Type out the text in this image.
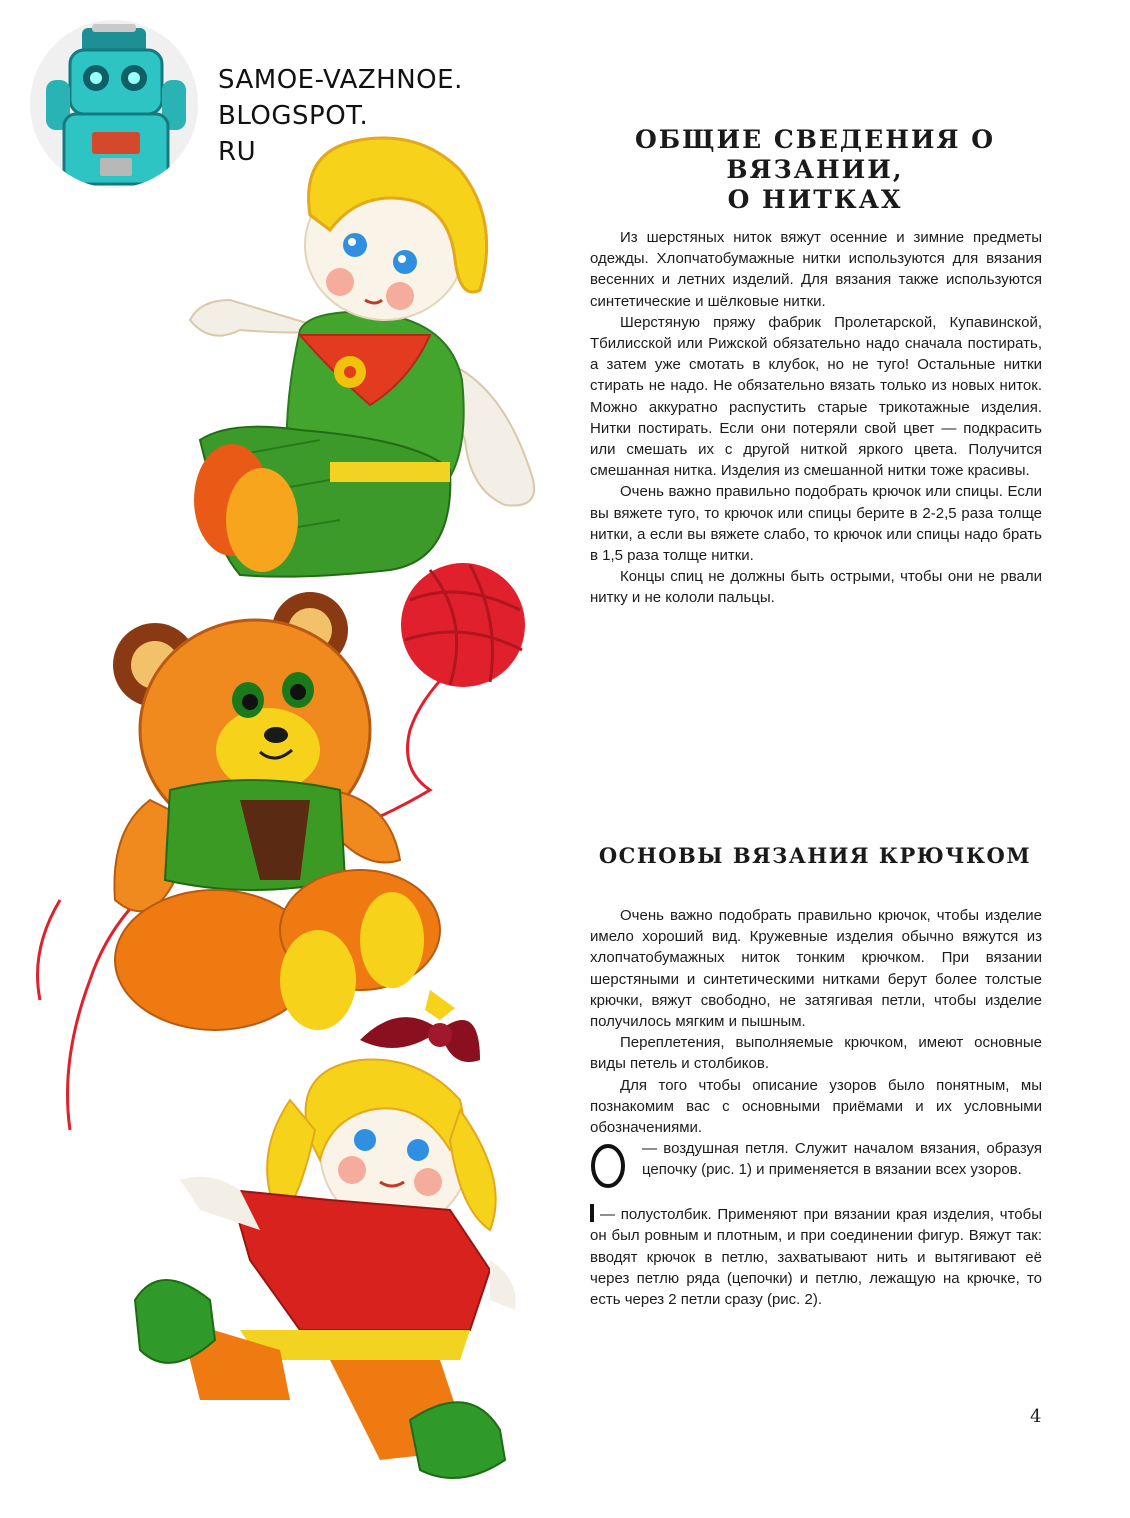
SAMOE-VAZHNOE.
BLOGSPOT.
RU	ОБЩИЕ СВЕДЕНИЯ О ВЯЗАНИИ,
О НИТКАХ

Из шерстяных ниток вяжут осенние и зимние предметы одежды. Хлопчатобумажные нитки используются для вязания весенних и летних изделий. Для вязания также используются синтетические и шёлковые нитки.

Шерстяную пряжу фабрик Пролетарской, Купавинской, Тбилисской или Рижской обязательно надо сначала постирать, а затем уже смотать в клубок, но не туго! Остальные нитки стирать не надо. Не обязательно вязать только из новых ниток. Можно аккуратно распустить старые трикотажные изделия. Нитки постирать. Если они потеряли свой цвет — подкрасить или смешать их с другой ниткой яркого цвета. Получится смешанная нитка. Изделия из смешанной нитки тоже красивы.

Очень важно правильно подобрать крючок или спицы. Если вы вяжете туго, то крючок или спицы берите в 2-2,5 раза толще нитки, а если вы вяжете слабо, то крючок или спицы надо брать в 1,5 раза толще нитки.

Концы спиц не должны быть острыми, чтобы они не рвали нитку и не кололи пальцы.

ОСНОВЫ ВЯЗАНИЯ КРЮЧКОМ

Очень важно подобрать правильно крючок, чтобы изделие имело хороший вид. Кружевные изделия обычно вяжутся из хлопчатобумажных ниток тонким крючком. При вязании шерстяными и синтетическими нитками берут более толстые крючки, вяжут свободно, не затягивая петли, чтобы изделие получилось мягким и пышным.

Переплетения, выполняемые крючком, имеют основные виды петель и столбиков.

Для того чтобы описание узоров было понятным, мы познакомим вас с основными приёмами и их условными обозначениями.

— воздушная петля. Служит началом вязания, образуя цепочку (рис. 1) и применяется в вязании всех узоров.

— полустолбик. Применяют при вязании края изделия, чтобы он был ровным и плотным, и при соединении фигур. Вяжут так: вводят крючок в петлю, захватывают нить и вытягивают её через петлю ряда (цепочки) и петлю, лежащую на крючке, то есть через 2 петли сразу (рис. 2).

4
